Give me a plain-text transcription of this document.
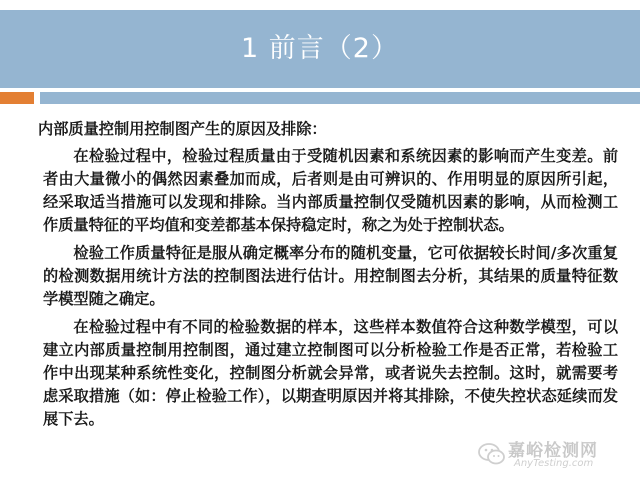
1 前言（2）

内部质量控制用控制图产生的原因及排除：

在检验过程中，检验过程质量由于受随机因素和系统因素的影响而产生变差。前者由大量微小的偶然因素叠加而成，后者则是由可辨识的、作用明显的原因所引起，经采取适当措施可以发现和排除。当内部质量控制仅受随机因素的影响，从而检测工作质量特征的平均值和变差都基本保持稳定时，称之为处于控制状态。

检验工作质量特征是服从确定概率分布的随机变量，它可依据较长时间/多次重复的检测数据用统计方法的控制图法进行估计。用控制图去分析，其结果的质量特征数学模型随之确定。

在检验过程中有不同的检验数据的样本，这些样本数值符合这种数学模型，可以建立内部质量控制用控制图，通过建立控制图可以分析检验工作是否正常，若检验工作中出现某种系统性变化，控制图分析就会异常，或者说失去控制。这时，就需要考虑采取措施（如：停止检验工作），以期查明原因并将其排除，不使失控状态延续而发展下去。

嘉峪检测网
AnyTesting.com
